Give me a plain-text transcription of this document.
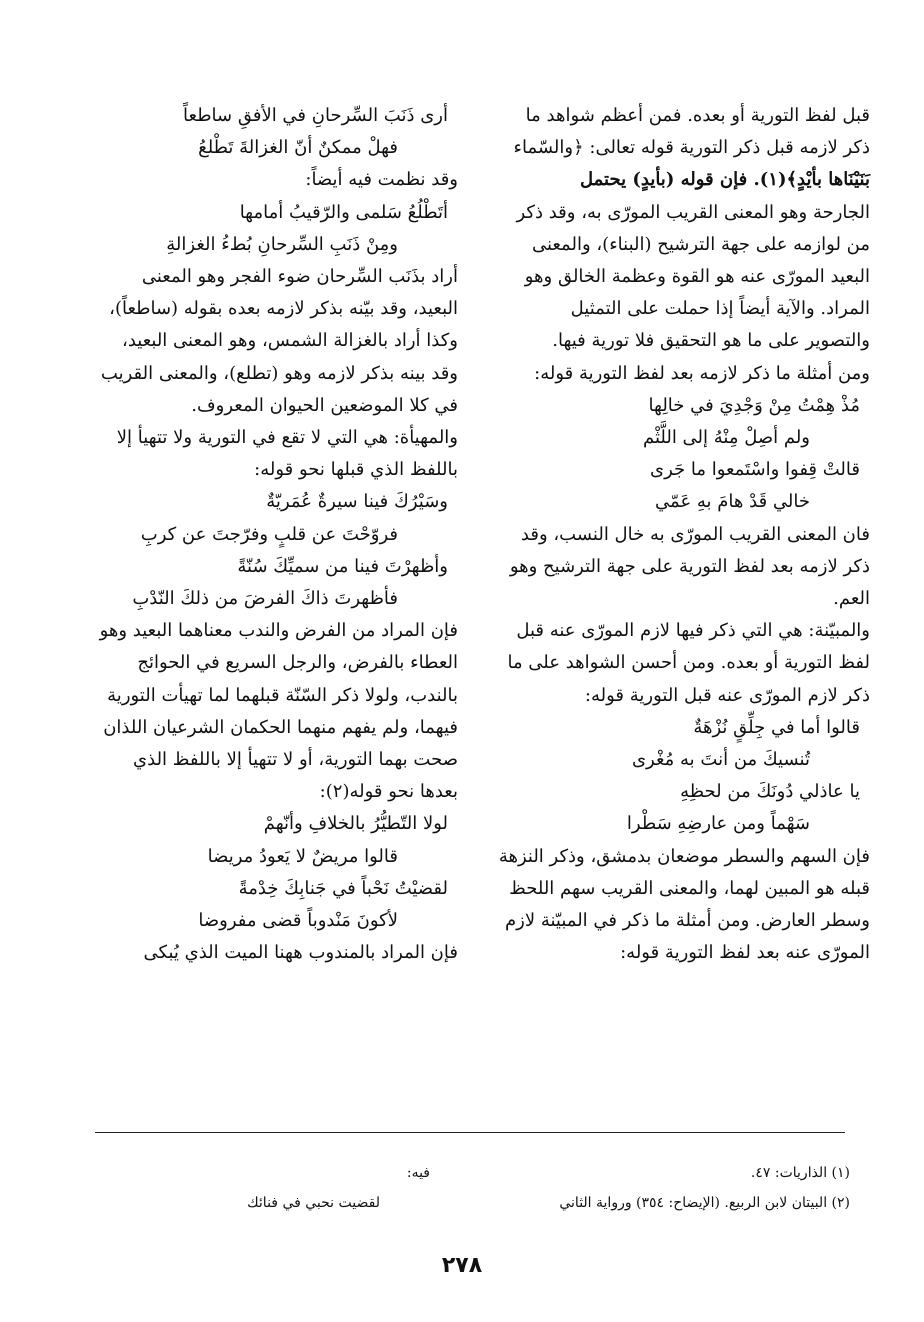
قبل لفظ التورية أو بعده. فمن أعظم شواهد ما

ذكر لازمه قبل ذكر التورية قوله تعالى: ﴿والسّماء

بَنَيْنَاها بأيْدٍ﴾(١). فإن قوله (بأيدٍ) يحتمل

الجارحة وهو المعنى القريب المورّى به، وقد ذكر

من لوازمه على جهة الترشيح (البناء)، والمعنى

البعيد المورّى عنه هو القوة وعظمة الخالق وهو

المراد. والآية أيضاً إذا حملت على التمثيل

والتصوير على ما هو التحقيق فلا تورية فيها.

ومن أمثلة ما ذكر لازمه بعد لفظ التورية قوله:

مُذْ هِمْتُ مِنْ وَجْدِيَ في خالِها

ولم أصِلْ مِنْهُ إلى اللَّثْم

قالتْ قِفوا واسْتَمعوا ما جَرى

خالي قَدْ هامَ بهِ عَمّي

فان المعنى القريب المورّى به خال النسب، وقد

ذكر لازمه بعد لفظ التورية على جهة الترشيح وهو

العم.

والمبيّنة: هي التي ذكر فيها لازم المورّى عنه قبل

لفظ التورية أو بعده. ومن أحسن الشواهد على ما

ذكر لازم المورّى عنه قبل التورية قوله:

قالوا أما في جِلِّقٍ نُزْهَةٌ

تُنسيكَ من أنتَ به مُغْرى

يا عاذلي دُونَكَ من لحظِهِ

سَهْماً ومن عارضِهِ سَطْرا

فإن السهم والسطر موضعان بدمشق، وذكر النزهة

قبله هو المبين لهما، والمعنى القريب سهم اللحظ

وسطر العارض. ومن أمثلة ما ذكر في المبيّنة لازم

المورّى عنه بعد لفظ التورية قوله:

أرى ذَنَبَ السِّرحانِ في الأفقِ ساطعاً

فهلْ ممكنٌ أنّ الغزالةَ تَطْلعُ

وقد نظمت فيه أيضاً:

أتَطْلُعُ سَلمى والرّقيبُ أمامها

ومِنْ ذَنَبِ السِّرحانِ بُطءُ الغزالةِ

أراد بذَنَب السِّرحان ضوء الفجر وهو المعنى

البعيد، وقد بيّنه بذكر لازمه بعده بقوله (ساطعاً)،

وكذا أراد بالغزالة الشمس، وهو المعنى البعيد،

وقد بينه بذكر لازمه وهو (تطلع)، والمعنى القريب

في كلا الموضعين الحيوان المعروف.

والمهيأة: هي التي لا تقع في التورية ولا تتهيأ إلا

باللفظ الذي قبلها نحو قوله:

وسَيْرُكَ فينا سيرةٌ عُمَريّةٌ

فروّحْتَ عن قلبٍ وفرّجتَ عن كربِ

وأظهرْتَ فينا من سميِّكَ سُنّةً

فأظهرتَ ذاكَ الفرضَ من ذلكَ النّدْبِ

فإن المراد من الفرض والندب معناهما البعيد وهو

العطاء بالفرض، والرجل السريع في الحوائج

بالندب، ولولا ذكر السّنّة قبلهما لما تهيأت التورية

فيهما، ولم يفهم منهما الحكمان الشرعيان اللذان

صحت بهما التورية، أو لا تتهيأ إلا باللفظ الذي

بعدها نحو قوله(٢):

لولا التّطيُّرُ بالخلافِ وأنّهمْ

قالوا مريضٌ لا يَعودُ مريضا

لقضيْتُ نَحْباً في جَنابِكَ خِدْمةً

لأكونَ مَنْدوباً قضى مفروضا

فإن المراد بالمندوب ههنا الميت الذي يُبكى

(١) الذاريات: ٤٧.

(٢) البيتان لابن الربيع. (الإيضاح: ٣٥٤) ورواية الثاني

فيه:

لقضيت نحبي في فنائك

٢٧٨
